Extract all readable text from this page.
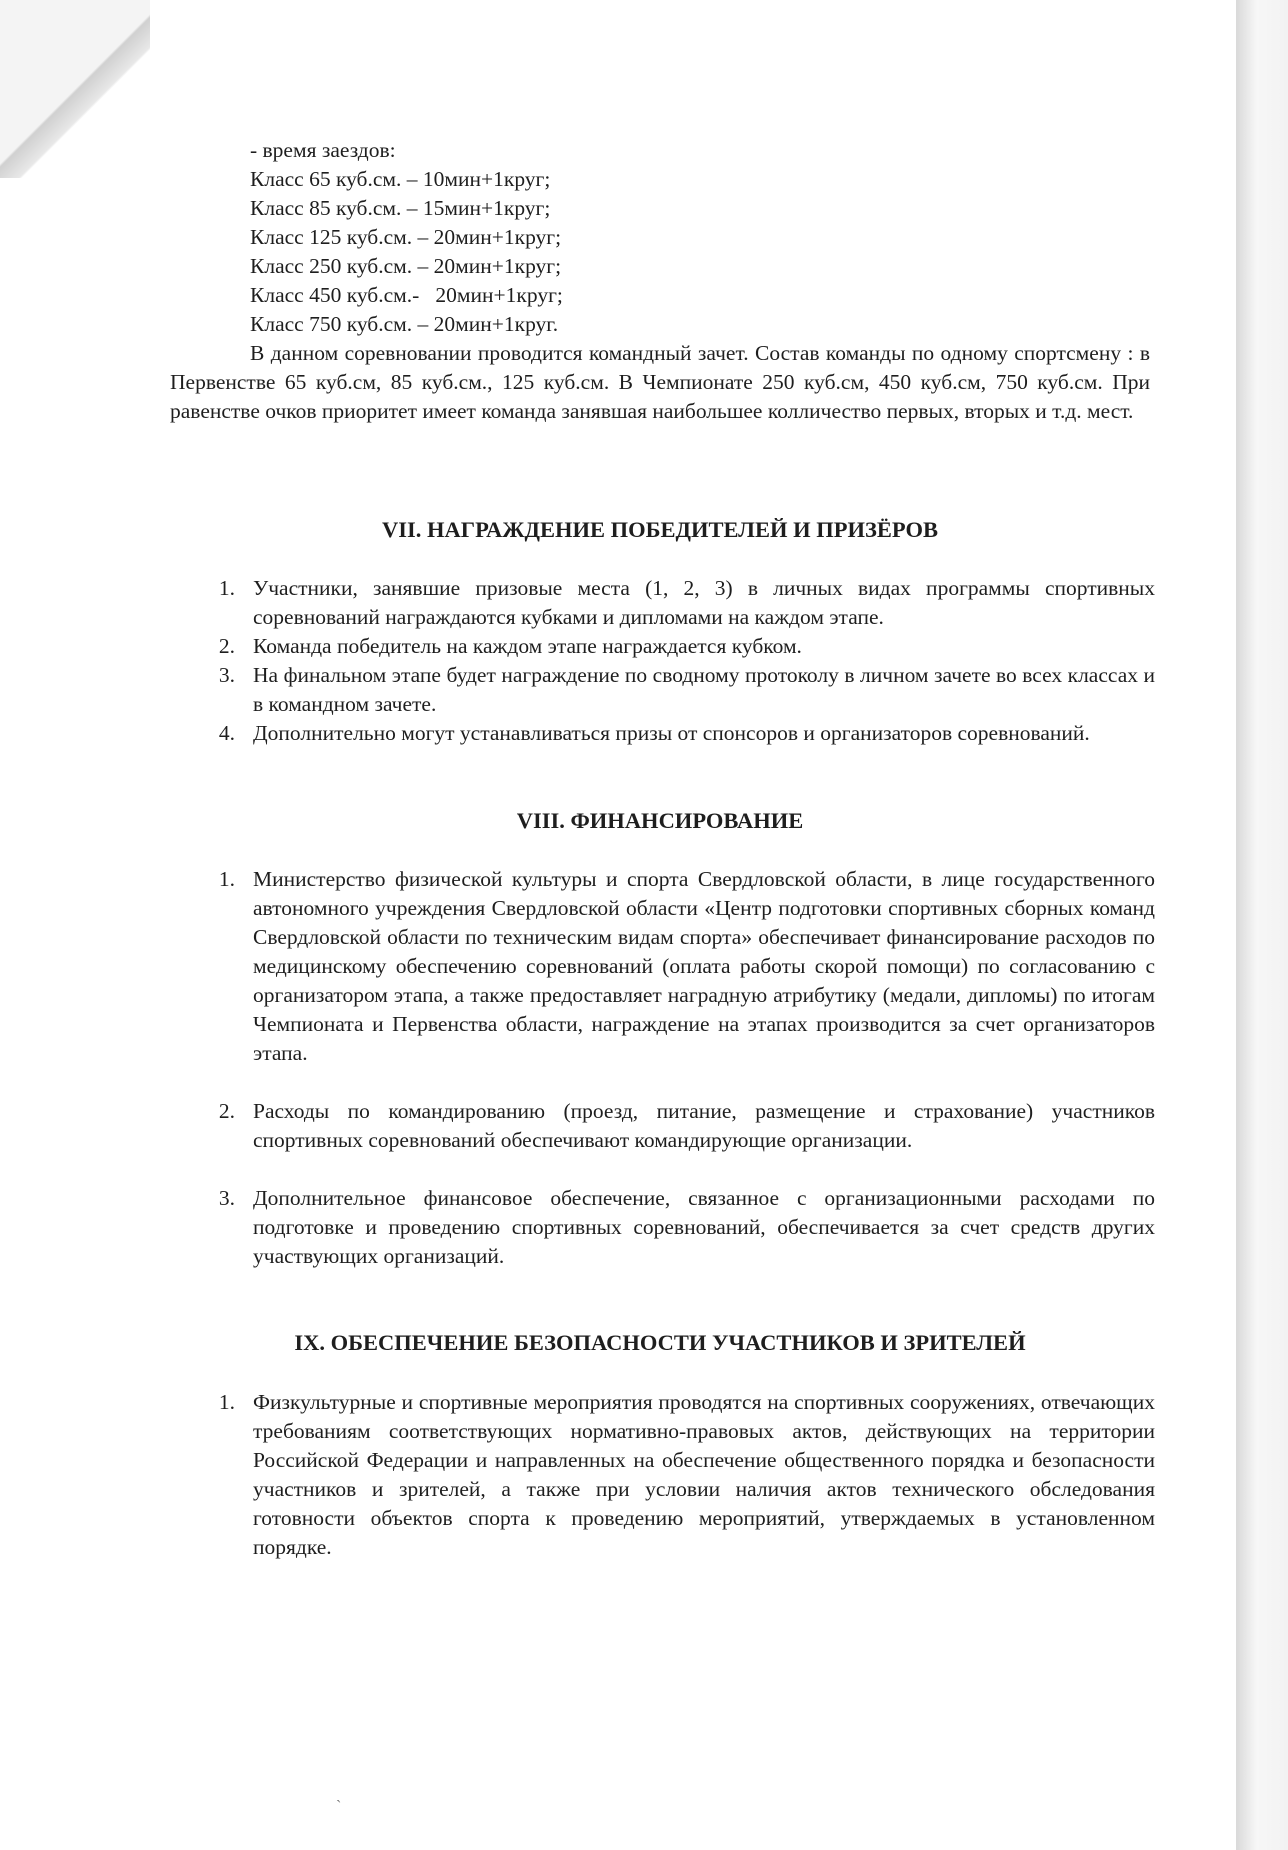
- время заездов:
Класс 65 куб.см. – 10мин+1круг;
Класс 85 куб.см. – 15мин+1круг;
Класс 125 куб.см. – 20мин+1круг;
Класс 250 куб.см. – 20мин+1круг;
Класс 450 куб.см.-   20мин+1круг;
Класс 750 куб.см. – 20мин+1круг.
В данном соревновании проводится командный зачет. Состав команды по одному спортсмену : в Первенстве 65 куб.см, 85 куб.см., 125 куб.см. В Чемпионате 250 куб.см, 450 куб.см, 750 куб.см. При равенстве очков приоритет имеет команда занявшая наибольшее колличество первых, вторых и т.д. мест.
VII. НАГРАЖДЕНИЕ ПОБЕДИТЕЛЕЙ И ПРИЗЁРОВ
1. Участники, занявшие призовые места (1, 2, 3) в личных видах программы спортивных соревнований награждаются кубками и дипломами на каждом этапе.
2. Команда победитель на каждом этапе награждается кубком.
3. На финальном этапе будет награждение по сводному протоколу в личном зачете во всех классах и в командном зачете.
4. Дополнительно могут устанавливаться призы от спонсоров и организаторов соревнований.
VIII. ФИНАНСИРОВАНИЕ
1. Министерство физической культуры и спорта Свердловской области, в лице государственного автономного учреждения Свердловской области «Центр подготовки спортивных сборных команд Свердловской области по техническим видам спорта» обеспечивает финансирование расходов по медицинскому обеспечению соревнований (оплата работы скорой помощи) по согласованию с организатором этапа, а также предоставляет наградную атрибутику (медали, дипломы) по итогам Чемпионата и Первенства области, награждение на этапах производится за счет организаторов этапа.
2. Расходы по командированию (проезд, питание, размещение и страхование) участников спортивных соревнований обеспечивают командирующие организации.
3. Дополнительное финансовое обеспечение, связанное с организационными расходами по подготовке и проведению спортивных соревнований, обеспечивается за счет средств других участвующих организаций.
IX. ОБЕСПЕЧЕНИЕ БЕЗОПАСНОСТИ УЧАСТНИКОВ И ЗРИТЕЛЕЙ
1. Физкультурные и спортивные мероприятия проводятся на спортивных сооружениях, отвечающих требованиям соответствующих нормативно-правовых актов, действующих на территории Российской Федерации и направленных на обеспечение общественного порядка и безопасности участников и зрителей, а также при условии наличия актов технического обследования готовности объектов спорта к проведению мероприятий, утверждаемых в установленном порядке.
ˎ
